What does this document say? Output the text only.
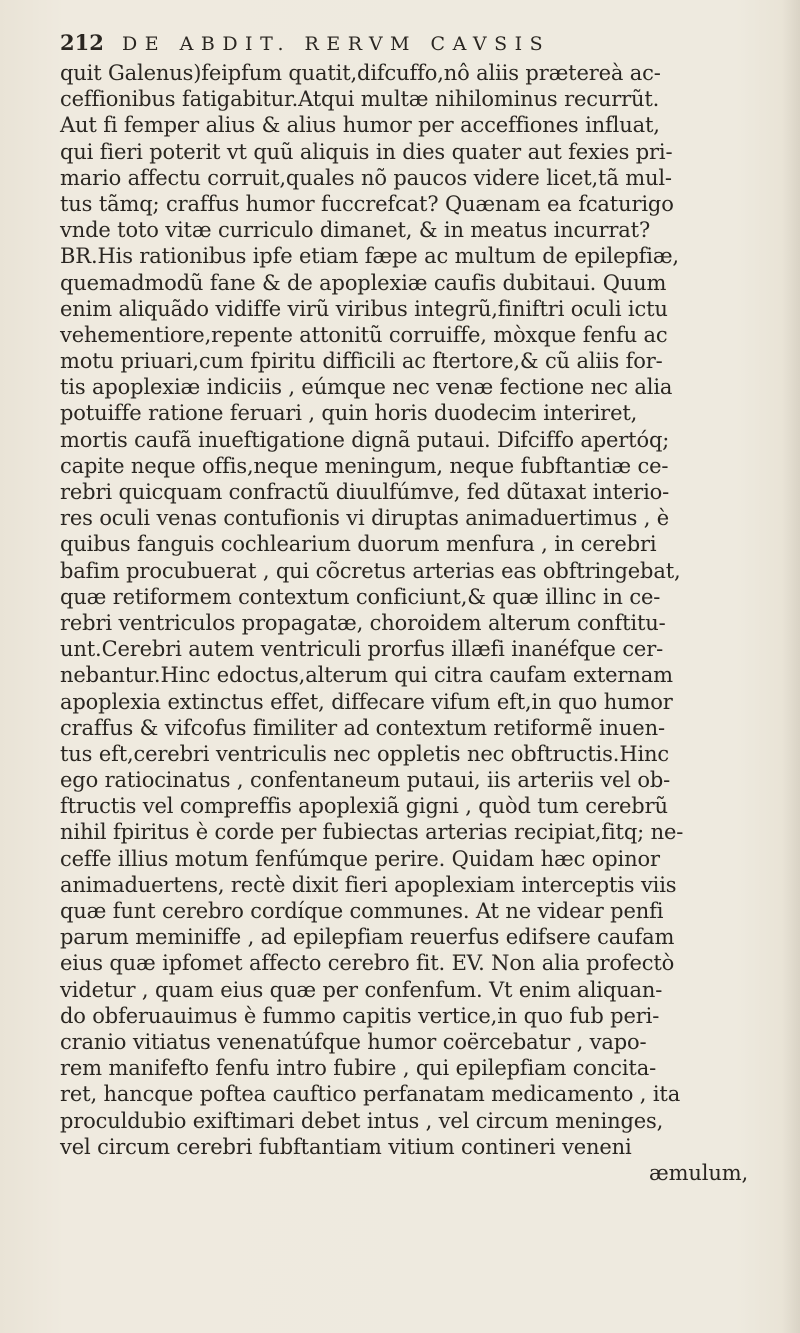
212 DE ABDIT. RERVM CAVSIS
quit Galenus)feipfum quatit,difcuffo,nô aliis prætereà ac-
ceffionibus fatigabitur.Atqui multæ nihilominus recurrũt.
Aut fi femper alius & alius humor per acceffiones influat,
qui fieri poterit vt quũ aliquis in dies quater aut fexies pri-
mario affectu corruit,quales nõ paucos videre licet,tã mul-
tus tãmq; craffus humor fuccrefcat? Quænam ea fcaturigo
vnde toto vitæ curriculo dimanet, & in meatus incurrat?
BR.His rationibus ipfe etiam fæpe ac multum de epilepfiæ,
quemadmodũ fane & de apoplexiæ caufis dubitaui. Quum
enim aliquãdo vidiffe virũ viribus integrũ,finiftri oculi ictu
vehementiore,repente attonitũ corruiffe, mòxque fenfu ac
motu priuari,cum fpiritu difficili ac ftertore,& cũ aliis for-
tis apoplexiæ indiciis , eúmque nec venæ fectione nec alia
potuiffe ratione feruari , quin horis duodecim interiret,
mortis caufã inueftigatione dignã putaui. Difciffo apertóq;
capite neque offis,neque meningum, neque fubftantiæ ce-
rebri quicquam confractũ diuulfúmve, fed dũtaxat interio-
res oculi venas contufionis vi diruptas animaduertimus , è
quibus fanguis cochlearium duorum menfura , in cerebri
bafim procubuerat , qui cõcretus arterias eas obftringebat,
quæ retiformem contextum conficiunt,& quæ illinc in ce-
rebri ventriculos propagatæ, choroidem alterum conftitu-
unt.Cerebri autem ventriculi prorfus illæfi inanéfque cer-
nebantur.Hinc edoctus,alterum qui citra caufam externam
apoplexia extinctus effet, diffecare vifum eft,in quo humor
craffus & vifcofus fimiliter ad contextum retiformẽ inuen-
tus eft,cerebri ventriculis nec oppletis nec obftructis.Hinc
ego ratiocinatus , confentaneum putaui, iis arteriis vel ob-
ftructis vel compreffis apoplexiã gigni , quòd tum cerebrũ
nihil fpiritus è corde per fubiectas arterias recipiat,fitq; ne-
ceffe illius motum fenfúmque perire. Quidam hæc opinor
animaduertens, rectè dixit fieri apoplexiam interceptis viis
quæ funt cerebro cordíque communes. At ne videar penfi
parum meminiffe , ad epilepfiam reuerfus edifsere caufam
eius quæ ipfomet affecto cerebro fit. EV. Non alia profectò
videtur , quam eius quæ per confenfum. Vt enim aliquan-
do obferuauimus è fummo capitis vertice,in quo fub peri-
cranio vitiatus venenatúfque humor coërcebatur , vapo-
rem manifefto fenfu intro fubire , qui epilepfiam concita-
ret, hancque poftea cauftico perfanatam medicamento , ita
proculdubio exiftimari debet intus , vel circum meninges,
vel circum cerebri fubftantiam vitium contineri veneni
æmulum,
